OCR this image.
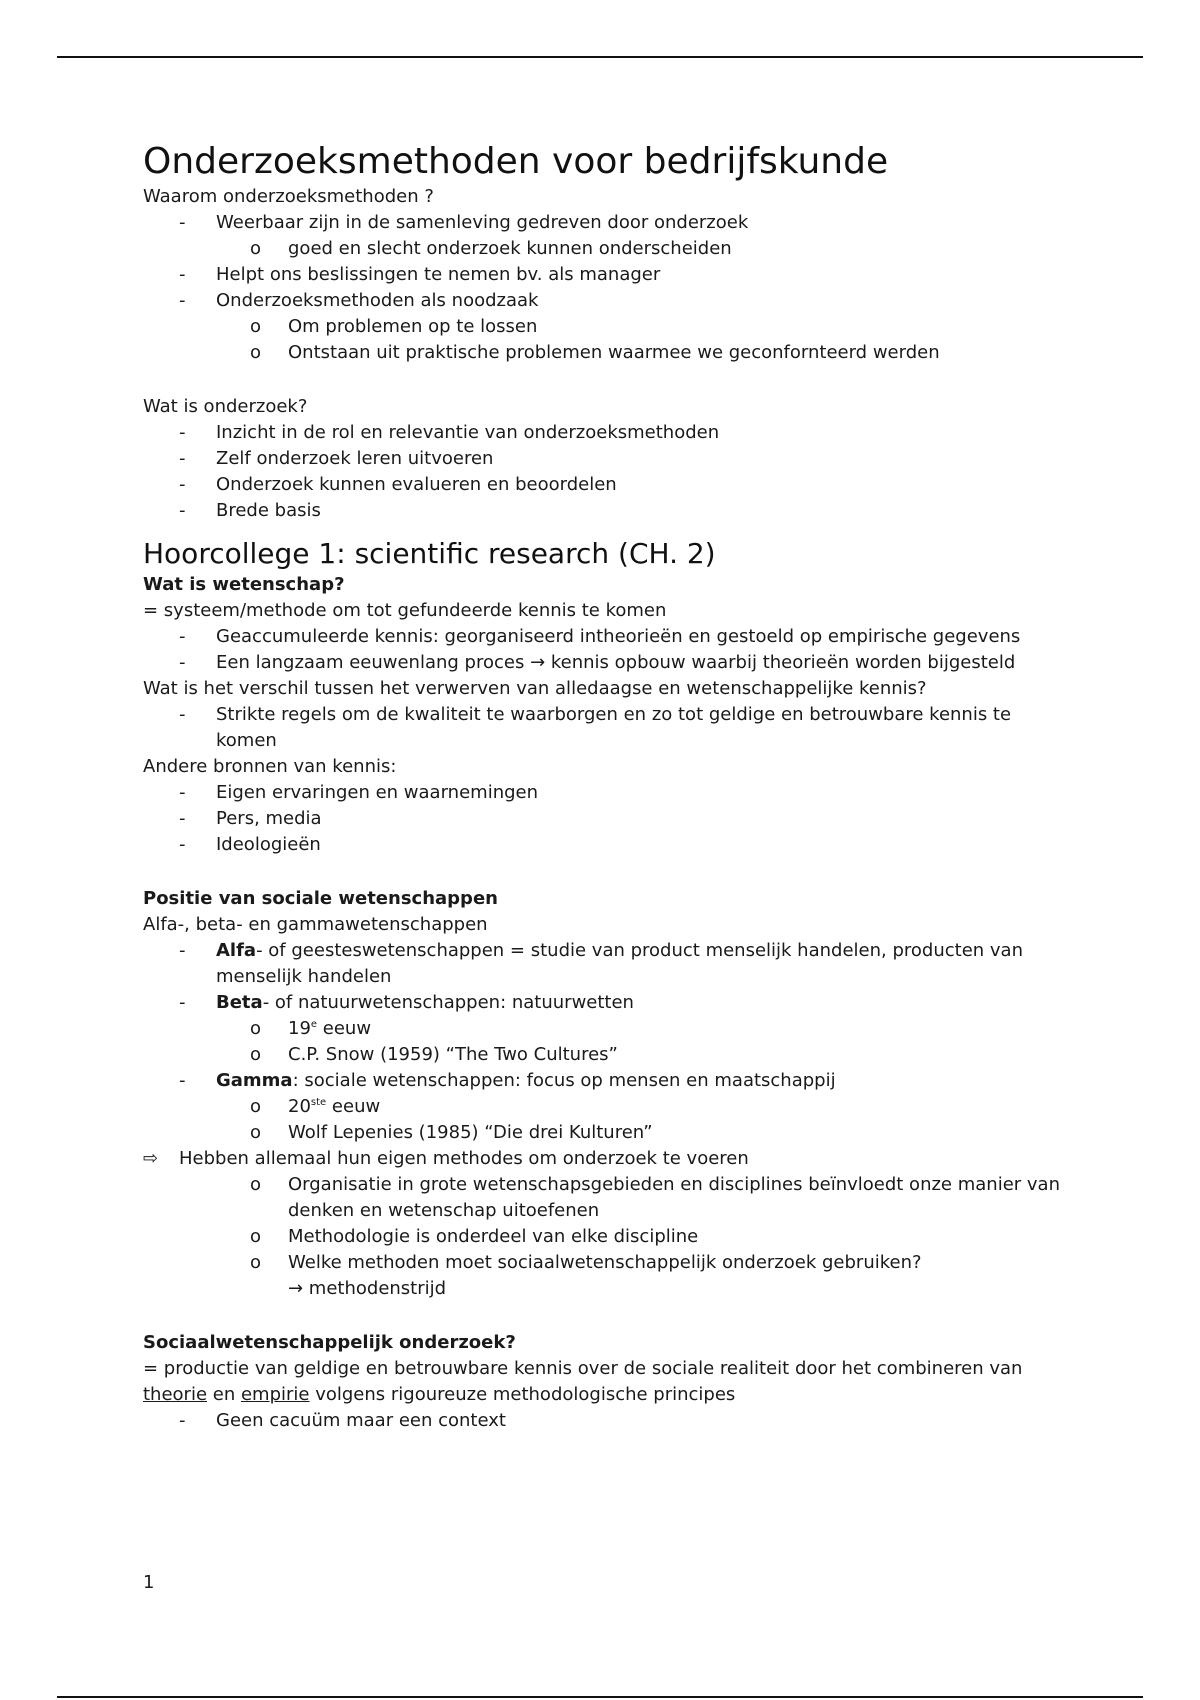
Onderzoeksmethoden voor bedrijfskunde
Waarom onderzoeksmethoden ?
- Weerbaar zijn in de samenleving gedreven door onderzoek
o goed en slecht onderzoek kunnen onderscheiden
- Helpt ons beslissingen te nemen bv. als manager
- Onderzoeksmethoden als noodzaak
o Om problemen op te lossen
o Ontstaan uit praktische problemen waarmee we geconfornteerd werden
Wat is onderzoek?
- Inzicht in de rol en relevantie van onderzoeksmethoden
- Zelf onderzoek leren uitvoeren
- Onderzoek kunnen evalueren en beoordelen
- Brede basis
Hoorcollege 1: scientific research (CH. 2)
Wat is wetenschap?
= systeem/methode om tot gefundeerde kennis te komen
- Geaccumuleerde kennis: georganiseerd intheorieën en gestoeld op empirische gegevens
- Een langzaam eeuwenlang proces → kennis opbouw waarbij theorieën worden bijgesteld
Wat is het verschil tussen het verwerven van alledaagse en wetenschappelijke kennis?
- Strikte regels om de kwaliteit te waarborgen en zo tot geldige en betrouwbare kennis te
komen
Andere bronnen van kennis:
- Eigen ervaringen en waarnemingen
- Pers, media
- Ideologieën
Positie van sociale wetenschappen
Alfa-, beta- en gammawetenschappen
- Alfa- of geesteswetenschappen = studie van product menselijk handelen, producten van
menselijk handelen
- Beta- of natuurwetenschappen: natuurwetten
o 19e eeuw
o C.P. Snow (1959) “The Two Cultures”
- Gamma: sociale wetenschappen: focus op mensen en maatschappij
o 20ste eeuw
o Wolf Lepenies (1985) “Die drei Kulturen”
⇨ Hebben allemaal hun eigen methodes om onderzoek te voeren
o Organisatie in grote wetenschapsgebieden en disciplines beïnvloedt onze manier van
denken en wetenschap uitoefenen
o Methodologie is onderdeel van elke discipline
o Welke methoden moet sociaalwetenschappelijk onderzoek gebruiken?
→ methodenstrijd
Sociaalwetenschappelijk onderzoek?
= productie van geldige en betrouwbare kennis over de sociale realiteit door het combineren van
theorie en empirie volgens rigoureuze methodologische principes
- Geen cacuüm maar een context
1
